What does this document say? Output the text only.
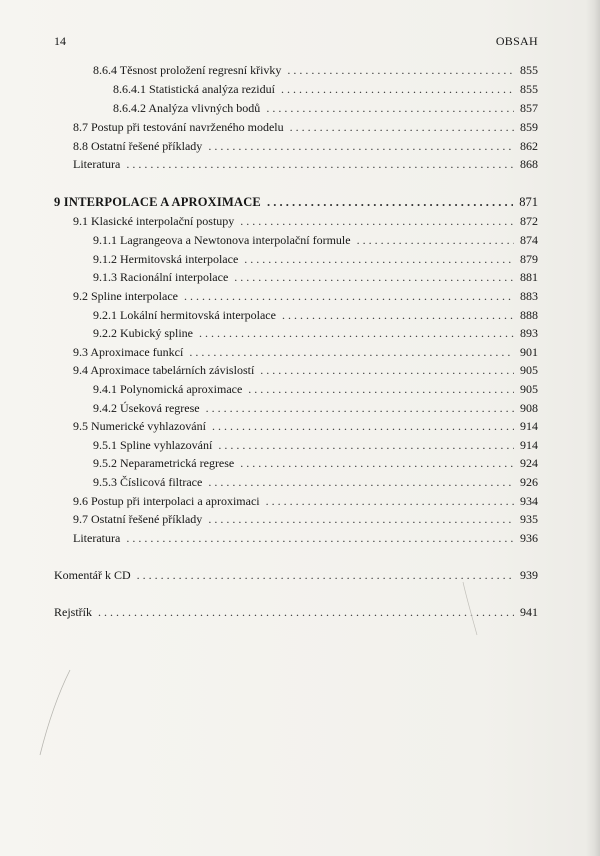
14	OBSAH
8.6.4 Těsnost proložení regresní křivky . . .	855
8.6.4.1 Statistická analýza reziduí . . .	855
8.6.4.2 Analýza vlivných bodů . . .	857
8.7 Postup při testování navrženého modelu . . .	859
8.8 Ostatní řešené příklady . . .	862
Literatura . . .	868
9 INTERPOLACE A APROXIMACE . . .	871
9.1 Klasické interpolační postupy . . .	872
9.1.1 Lagrangeova a Newtonova interpolační formule . . .	874
9.1.2 Hermitovská interpolace . . .	879
9.1.3 Racionální interpolace . . .	881
9.2 Spline interpolace . . .	883
9.2.1 Lokální hermitovská interpolace . . .	888
9.2.2 Kubický spline . . .	893
9.3 Aproximace funkcí . . .	901
9.4 Aproximace tabelárních závislostí . . .	905
9.4.1 Polynomická aproximace . . .	905
9.4.2 Úseková regrese . . .	908
9.5 Numerické vyhlazování . . .	914
9.5.1 Spline vyhlazování . . .	914
9.5.2 Neparametrická regrese . . .	924
9.5.3 Číslicová filtrace . . .	926
9.6 Postup při interpolaci a aproximaci . . .	934
9.7 Ostatní řešené příklady . . .	935
Literatura . . .	936
Komentář k CD . . .	939
Rejstřík . . .	941
